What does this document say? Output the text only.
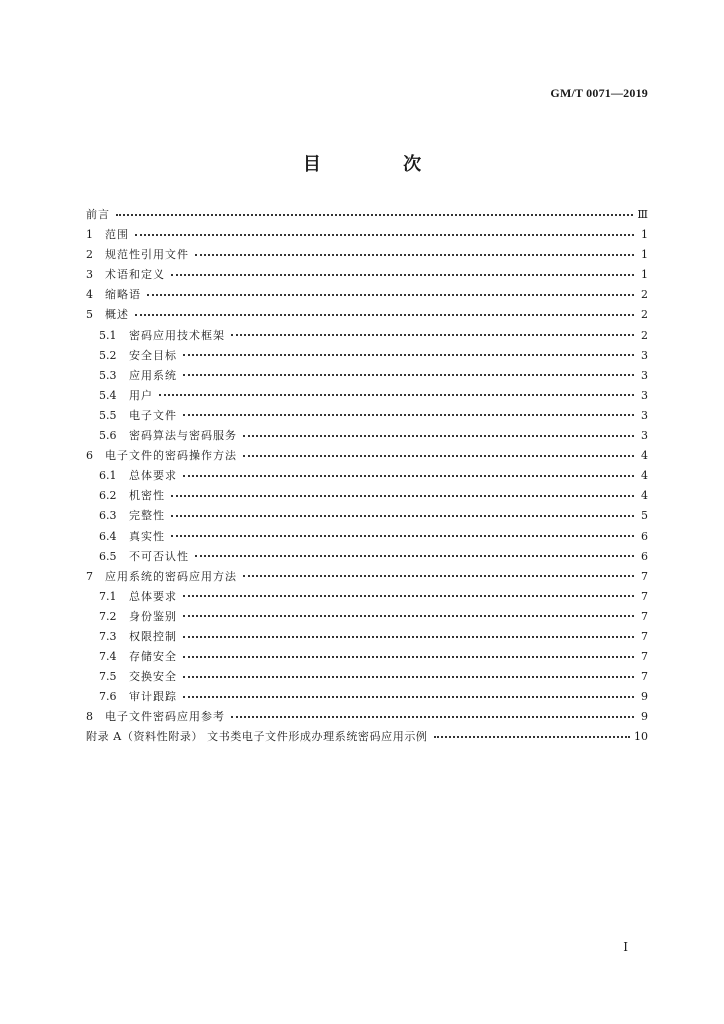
GM/T 0071—2019
目 次
前言	Ⅲ
1	范围	1
2	规范性引用文件	1
3	术语和定义	1
4	缩略语	2
5	概述	2
5.1	密码应用技术框架	2
5.2	安全目标	3
5.3	应用系统	3
5.4	用户	3
5.5	电子文件	3
5.6	密码算法与密码服务	3
6	电子文件的密码操作方法	4
6.1	总体要求	4
6.2	机密性	4
6.3	完整性	5
6.4	真实性	6
6.5	不可否认性	6
7	应用系统的密码应用方法	7
7.1	总体要求	7
7.2	身份鉴别	7
7.3	权限控制	7
7.4	存储安全	7
7.5	交换安全	7
7.6	审计跟踪	9
8	电子文件密码应用参考	9
附录 A（资料性附录） 文书类电子文件形成办理系统密码应用示例	10
I
